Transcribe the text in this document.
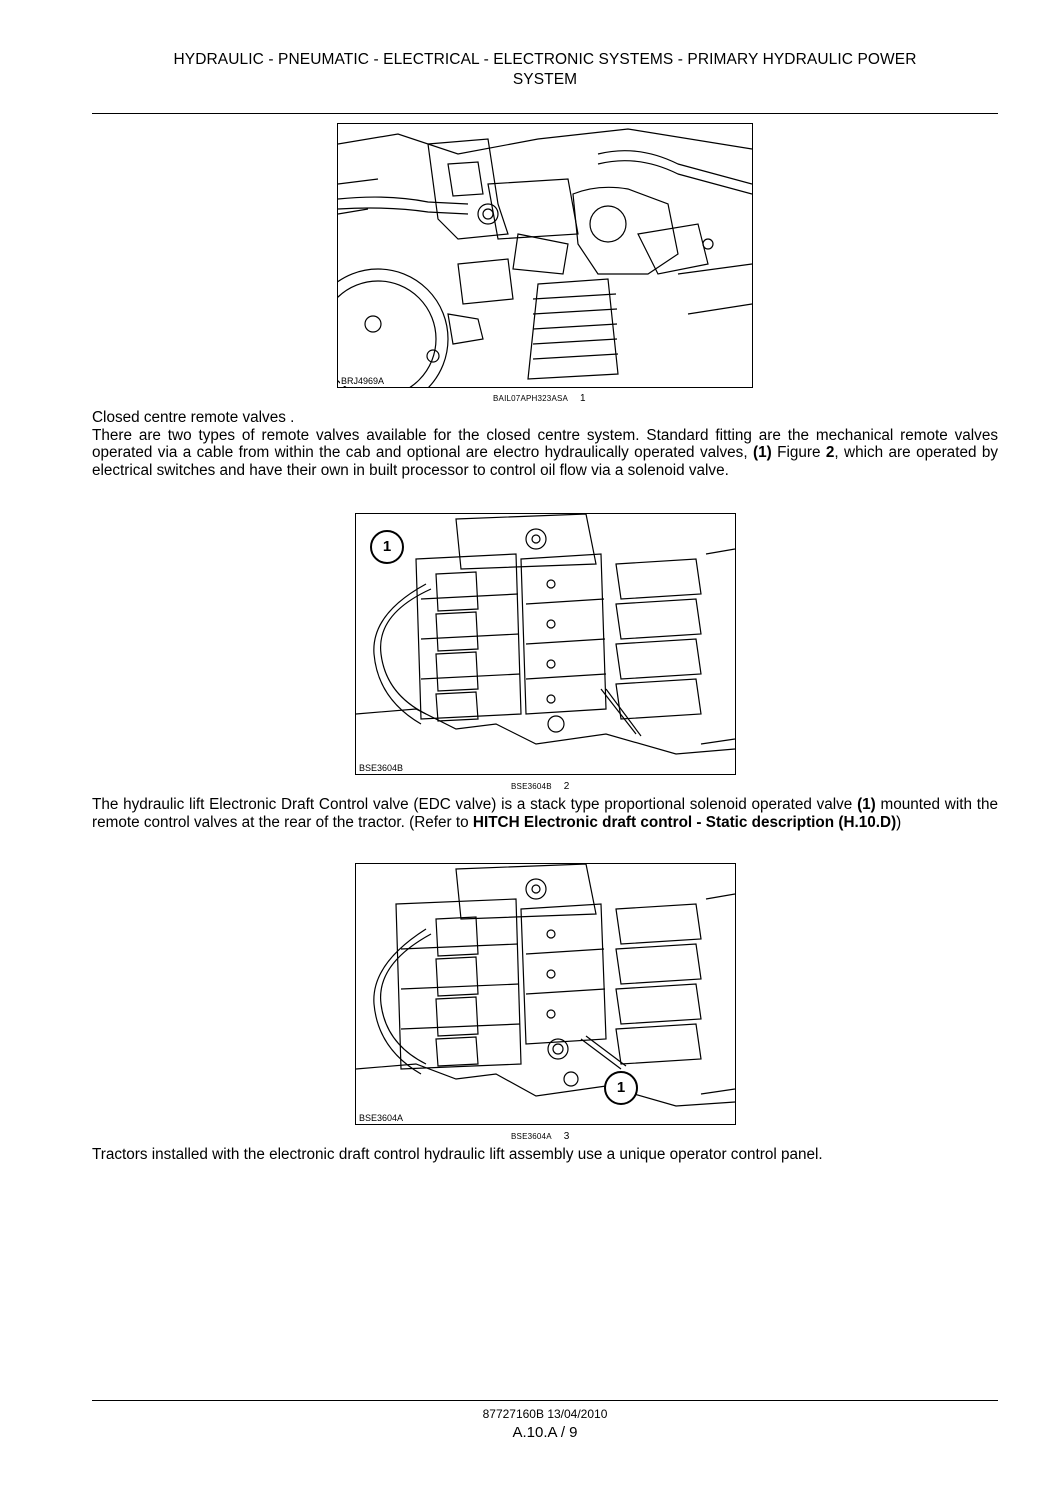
HYDRAULIC - PNEUMATIC - ELECTRICAL - ELECTRONIC SYSTEMS - PRIMARY HYDRAULIC POWER
SYSTEM
BRJ4969A
BAIL07APH323ASA 1
Closed centre remote valves .
There are two types of remote valves available for the closed centre system. Standard fitting are the mechanical remote valves operated via a cable from within the cab and optional are electro hydraulically operated valves, (1) Figure 2, which are operated by electrical switches and have their own in built processor to control oil flow via a solenoid valve.
1
BSE3604B
BSE3604B 2
The hydraulic lift Electronic Draft Control valve (EDC valve) is a stack type proportional solenoid operated valve (1) mounted with the remote control valves at the rear of the tractor. (Refer to HITCH Electronic draft control - Static description (H.10.D))
1
BSE3604A
BSE3604A 3
Tractors installed with the electronic draft control hydraulic lift assembly use a unique operator control panel.
87727160B 13/04/2010
A.10.A / 9
